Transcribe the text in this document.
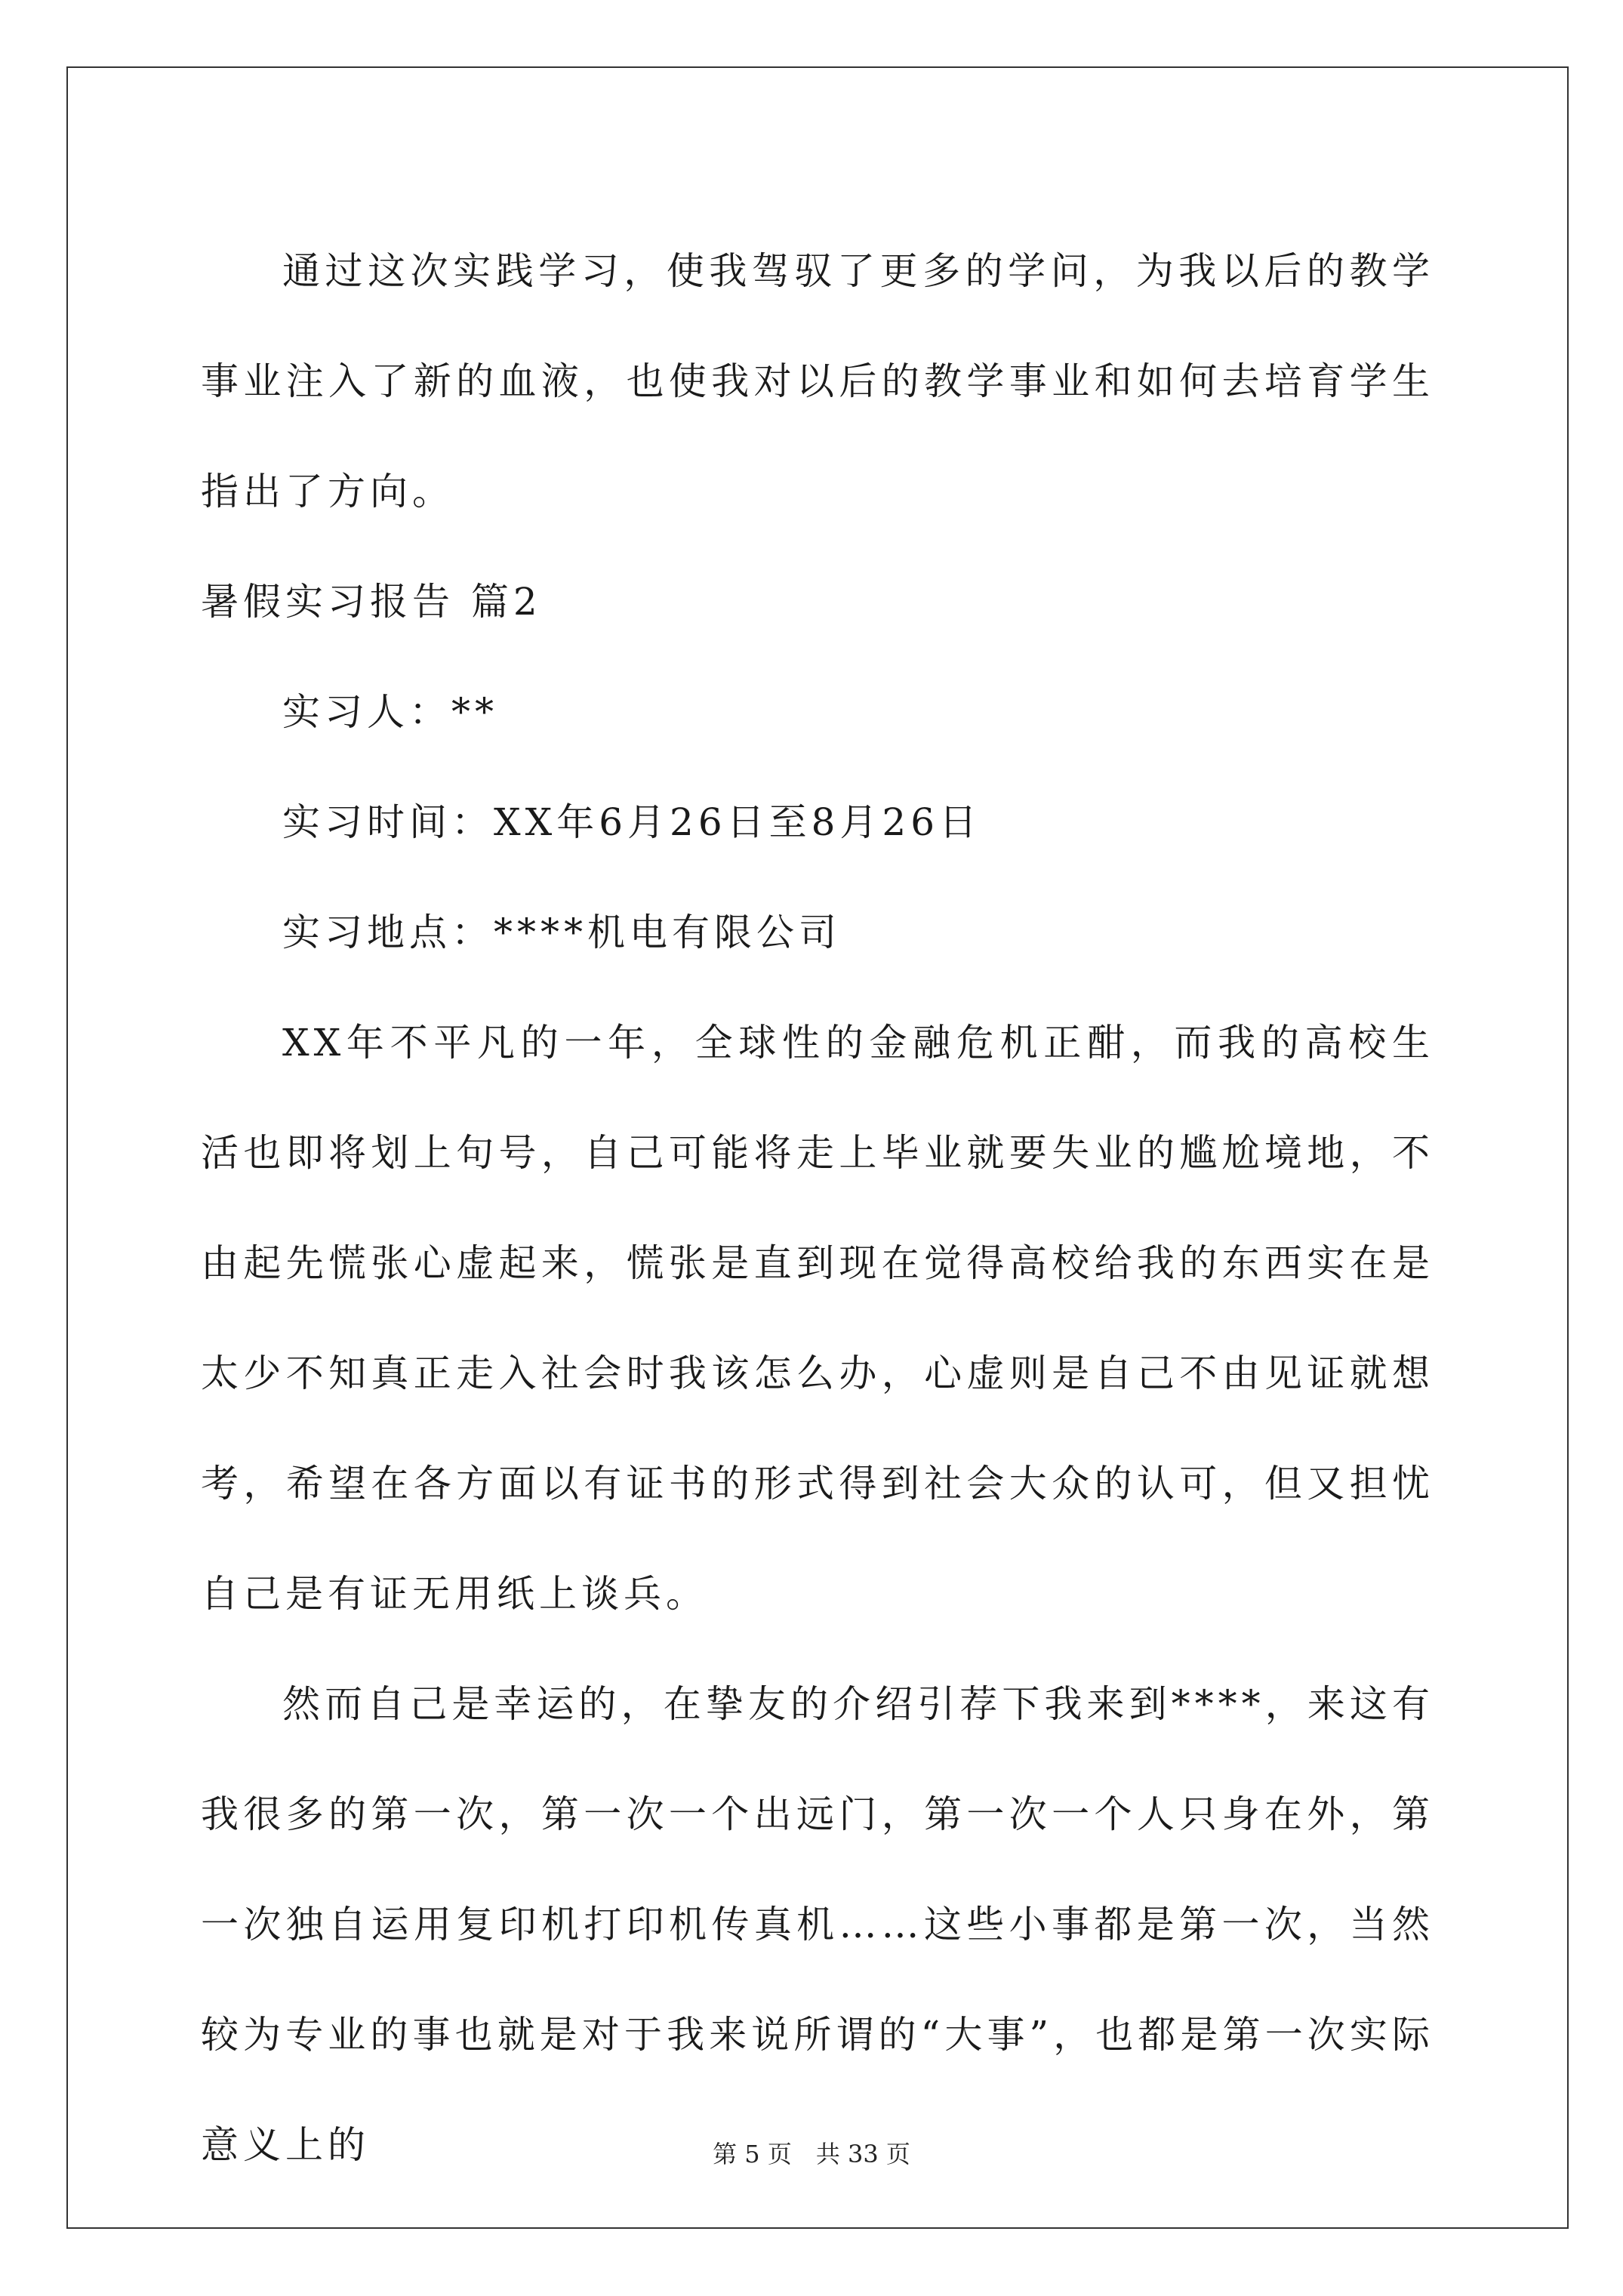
通过这次实践学习，使我驾驭了更多的学问，为我以后的教学事业注入了新的血液，也使我对以后的教学事业和如何去培育学生指出了方向。

暑假实习报告 篇2

实习人：**

实习时间：XX年6月26日至8月26日

实习地点：****机电有限公司

XX年不平凡的一年，全球性的金融危机正酣，而我的高校生活也即将划上句号，自己可能将走上毕业就要失业的尴尬境地，不由起先慌张心虚起来，慌张是直到现在觉得高校给我的东西实在是太少不知真正走入社会时我该怎么办，心虚则是自己不由见证就想考，希望在各方面以有证书的形式得到社会大众的认可，但又担忧自己是有证无用纸上谈兵。

然而自己是幸运的，在挚友的介绍引荐下我来到****，来这有我很多的第一次，第一次一个出远门，第一次一个人只身在外，第一次独自运用复印机打印机传真机……这些小事都是第一次，当然较为专业的事也就是对于我来说所谓的“大事”，也都是第一次实际意义上的	第 5 页　共 33 页
